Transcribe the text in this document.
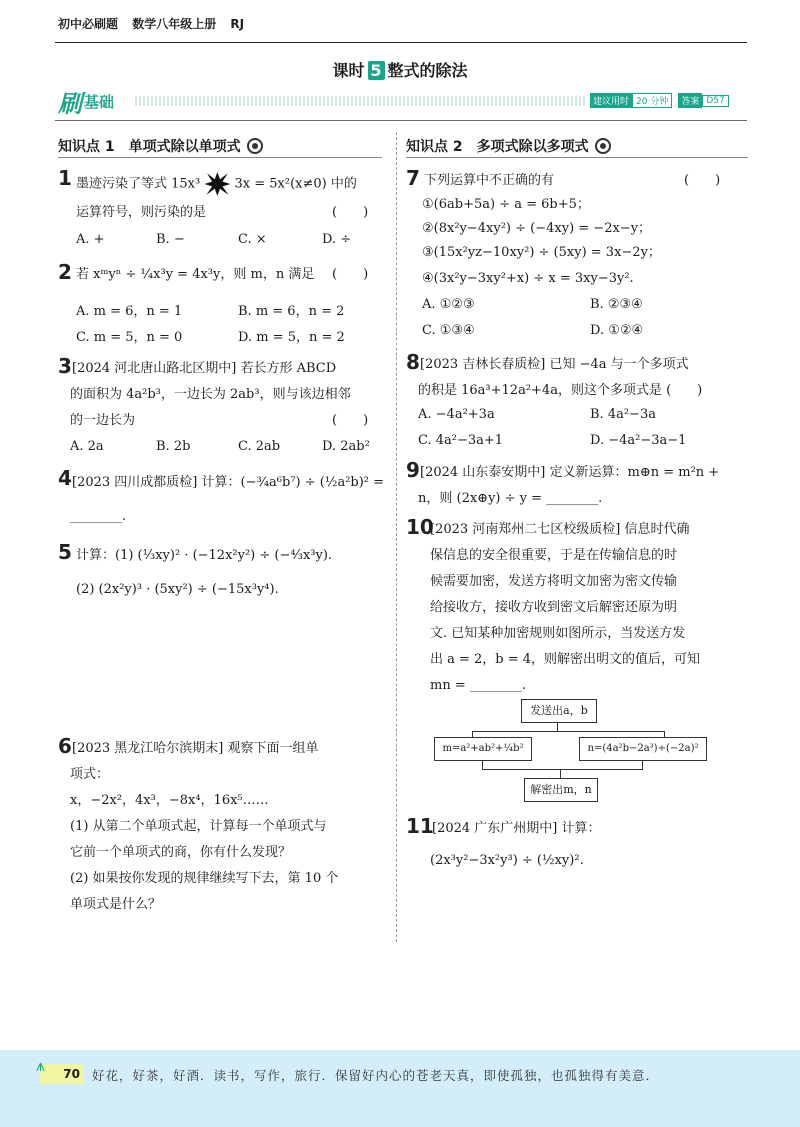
初中必刷题 数学八年级上册 RJ
课时 5 整式的除法
刷 基础	建议用时 20 分钟	答案 D57
知识点 1　单项式除以单项式
1 墨迹污染了等式 15x³	3x = 5x²(x≠0) 中的
运算符号，则污染的是	(　　)
A. +	B. −	C. ×	D. ÷
2 若 xᵐyⁿ ÷ ¼x³y = 4x³y，则 m，n 满足 (　　)
A. m = 6，n = 1	B. m = 6，n = 2
C. m = 5，n = 0	D. m = 5，n = 2
3 [2024 河北唐山路北区期中] 若长方形 ABCD
的面积为 4a²b³，一边长为 2ab³，则与该边相邻
的一边长为	(　　)
A. 2a	B. 2b	C. 2ab	D. 2ab²
4 [2023 四川成都质检] 计算：(−¾a⁶b⁷) ÷ (½a²b)² =
________.
5 计算：(1) (⅓xy)² · (−12x²y²) ÷ (−⁴⁄₃x³y).
(2) (2x²y)³ · (5xy²) ÷ (−15x³y⁴).
6 [2023 黑龙江哈尔滨期末] 观察下面一组单
项式：
x，−2x²，4x³，−8x⁴，16x⁵……
(1) 从第二个单项式起，计算每一个单项式与
它前一个单项式的商，你有什么发现？
(2) 如果按你发现的规律继续写下去，第 10 个
单项式是什么？
知识点 2　多项式除以多项式
7 下列运算中不正确的有	(　　)
①(6ab+5a) ÷ a = 6b+5；
②(8x²y−4xy²) ÷ (−4xy) = −2x−y；
③(15x²yz−10xy²) ÷ (5xy) = 3x−2y；
④(3x²y−3xy²+x) ÷ x = 3xy−3y².
A. ①②③	B. ②③④
C. ①③④	D. ①②④
8 [2023 吉林长春质检] 已知 −4a 与一个多项式
的积是 16a³+12a²+4a，则这个多项式是 (　　)
A. −4a²+3a	B. 4a²−3a
C. 4a²−3a+1	D. −4a²−3a−1
9 [2024 山东泰安期中] 定义新运算：m⊕n = m²n +
n，则 (2x⊕y) ÷ y = ________.
10
[2023 河南郑州二七区校级质检] 信息时代确
保信息的安全很重要，于是在传输信息的时
候需要加密，发送方将明文加密为密文传输
给接收方，接收方收到密文后解密还原为明
文. 已知某种加密规则如图所示，当发送方发
出 a = 2，b = 4，则解密出明文的值后，可知
mn = ________.
发送出a，b
m=a²+ab²+¼b²	n=(4a²b−2a³)÷(−2a)²
解密出m，n
11
[2024 广东广州期中] 计算：
(2x³y²−3x²y³) ÷ (½xy)².
70
⩚
好花，好茶，好酒．读书，写作，旅行．保留好内心的苍老天真，即使孤独，也孤独得有美意．
